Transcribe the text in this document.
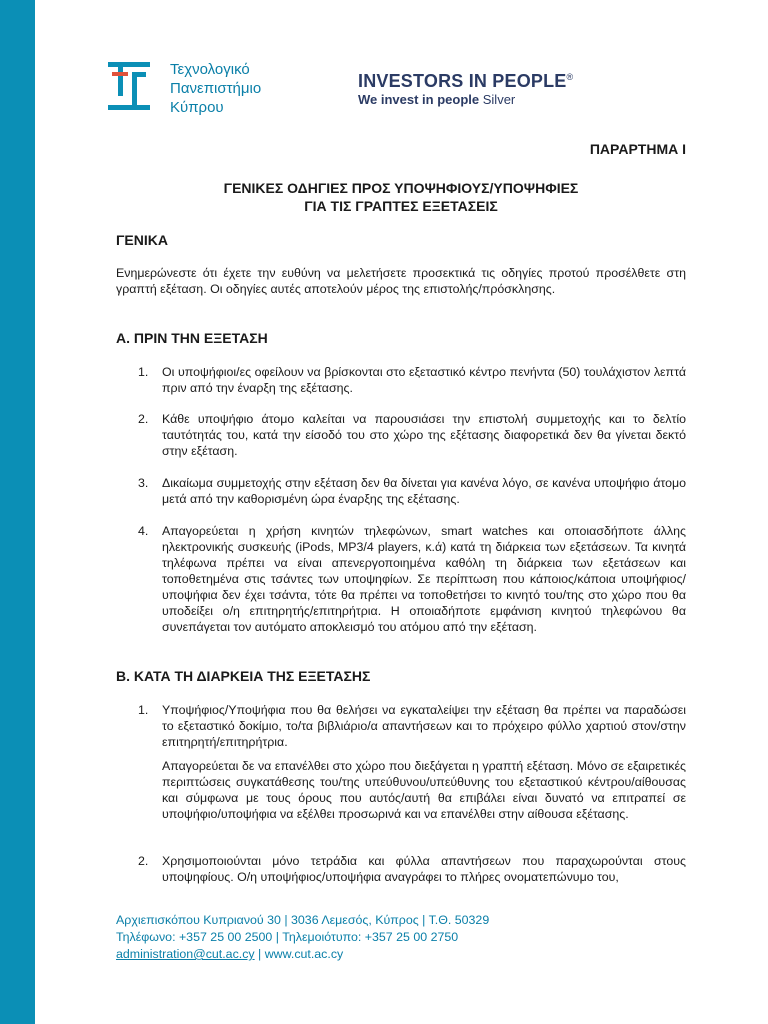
Τεχνολογικό
Πανεπιστήμιο
Κύπρου
INVESTORS IN PEOPLE®
We invest in people Silver
ΠΑΡΑΡΤΗΜΑ Ι
ΓΕΝΙΚΕΣ ΟΔΗΓΙΕΣ ΠΡΟΣ ΥΠΟΨΗΦΙΟΥΣ/ΥΠΟΨΗΦΙΕΣ
ΓΙΑ ΤΙΣ ΓΡΑΠΤΕΣ ΕΞΕΤΑΣΕΙΣ
ΓΕΝΙΚΑ
Ενημερώνεστε ότι έχετε την ευθύνη να μελετήσετε προσεκτικά τις οδηγίες προτού προσέλθετε στη γραπτή εξέταση. Οι οδηγίες αυτές αποτελούν μέρος της επιστολής/πρόσκλησης.
Α. ΠΡΙΝ ΤΗΝ ΕΞΕΤΑΣΗ
1.	Οι υποψήφιοι/ες οφείλουν να βρίσκονται στο εξεταστικό κέντρο πενήντα (50) τουλάχιστον λεπτά πριν από την έναρξη της εξέτασης.
2.	Κάθε υποψήφιο άτομο καλείται να παρουσιάσει την επιστολή συμμετοχής και το δελτίο ταυτότητάς του, κατά την είσοδό του στο χώρο της εξέτασης διαφορετικά δεν θα γίνεται δεκτό στην εξέταση.
3.	Δικαίωμα συμμετοχής στην εξέταση δεν θα δίνεται για κανένα λόγο, σε κανένα υποψήφιο άτομο μετά από την καθορισμένη ώρα έναρξης της εξέτασης.
4.	Απαγορεύεται η χρήση κινητών τηλεφώνων, smart watches και οποιασδήποτε άλλης ηλεκτρονικής συσκευής (iPods, MP3/4 players, κ.ά) κατά τη διάρκεια των εξετάσεων. Τα κινητά τηλέφωνα πρέπει να είναι απενεργοποιημένα καθόλη τη διάρκεια των εξετάσεων και τοποθετημένα στις τσάντες των υποψηφίων. Σε περίπτωση που κάποιος/κάποια υποψήφιος/υποψήφια δεν έχει τσάντα, τότε θα πρέπει να τοποθετήσει το κινητό του/της στο χώρο που θα υποδείξει ο/η επιτηρητής/επιτηρήτρια. Η οποιαδήποτε εμφάνιση κινητού τηλεφώνου θα συνεπάγεται τον αυτόματο αποκλεισμό του ατόμου από την εξέταση.
Β. ΚΑΤΑ ΤΗ ΔΙΑΡΚΕΙΑ ΤΗΣ ΕΞΕΤΑΣΗΣ
1.	Υποψήφιος/Υποψήφια που θα θελήσει να εγκαταλείψει την εξέταση θα πρέπει να παραδώσει το εξεταστικό δοκίμιο, το/τα βιβλιάριο/α απαντήσεων και το πρόχειρο φύλλο χαρτιού στον/στην επιτηρητή/επιτηρήτρια.
Απαγορεύεται δε να επανέλθει στο χώρο που διεξάγεται η γραπτή εξέταση. Μόνο σε εξαιρετικές περιπτώσεις συγκατάθεσης του/της υπεύθυνου/υπεύθυνης του εξεταστικού κέντρου/αίθουσας και σύμφωνα με τους όρους που αυτός/αυτή θα επιβάλει είναι δυνατό να επιτραπεί σε υποψήφιο/υποψήφια να εξέλθει προσωρινά και να επανέλθει στην αίθουσα εξέτασης.
2.	Χρησιμοποιούνται μόνο τετράδια και φύλλα απαντήσεων που παραχωρούνται στους υποψηφίους. Ο/η υποψήφιος/υποψήφια αναγράφει το πλήρες ονοματεπώνυμο του,
Αρχιεπισκόπου Κυπριανού 30 | 3036 Λεμεσός, Κύπρος | Τ.Θ. 50329
Τηλέφωνο: +357 25 00 2500 | Τηλεμοιότυπο: +357 25 00 2750
administration@cut.ac.cy | www.cut.ac.cy
